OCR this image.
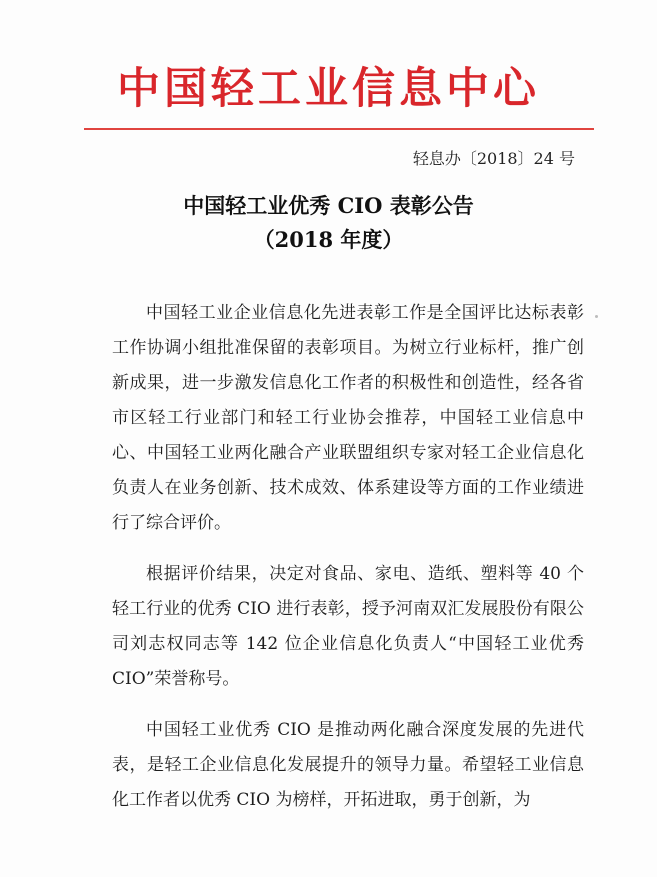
中国轻工业信息中心
轻息办〔2018〕24 号
中国轻工业优秀 CIO 表彰公告
（2018 年度）

中国轻工业企业信息化先进表彰工作是全国评比达标表彰工作协调小组批准保留的表彰项目。为树立行业标杆，推广创新成果，进一步激发信息化工作者的积极性和创造性，经各省市区轻工行业部门和轻工行业协会推荐，中国轻工业信息中心、中国轻工业两化融合产业联盟组织专家对轻工企业信息化负责人在业务创新、技术成效、体系建设等方面的工作业绩进行了综合评价。

根据评价结果，决定对食品、家电、造纸、塑料等 40 个轻工行业的优秀 CIO 进行表彰，授予河南双汇发展股份有限公司刘志权同志等 142 位企业信息化负责人“中国轻工业优秀 CIO”荣誉称号。

中国轻工业优秀 CIO 是推动两化融合深度发展的先进代表，是轻工企业信息化发展提升的领导力量。希望轻工业信息化工作者以优秀 CIO 为榜样，开拓进取，勇于创新，为
